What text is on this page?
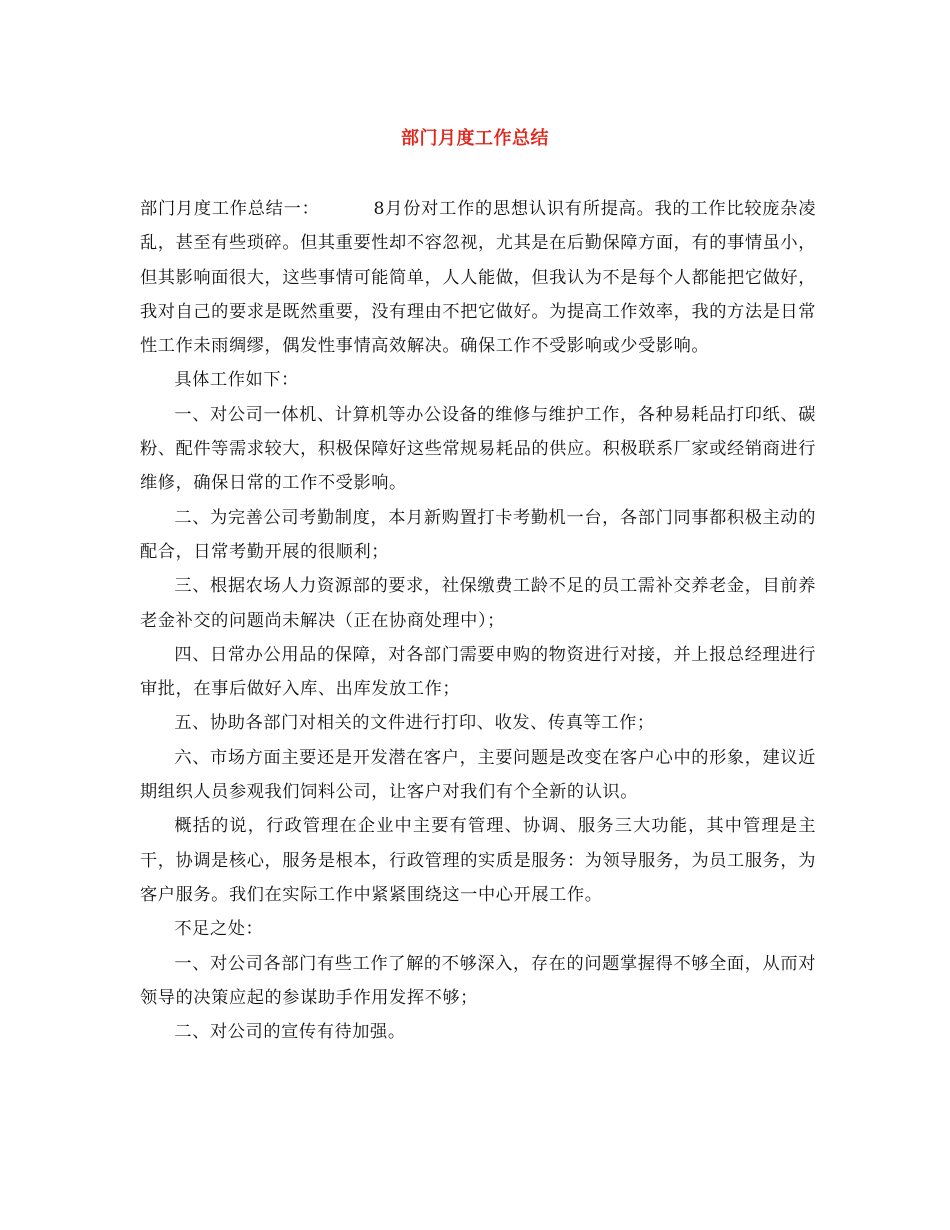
部门月度工作总结

部门月度工作总结一：	8月份对工作的思想认识有所提高。我的工作比较庞杂凌乱，甚至有些琐碎。但其重要性却不容忽视，尤其是在后勤保障方面，有的事情虽小，但其影响面很大，这些事情可能简单，人人能做，但我认为不是每个人都能把它做好，我对自己的要求是既然重要，没有理由不把它做好。为提高工作效率，我的方法是日常性工作未雨绸缪，偶发性事情高效解决。确保工作不受影响或少受影响。

具体工作如下：

一、对公司一体机、计算机等办公设备的维修与维护工作，各种易耗品打印纸、碳粉、配件等需求较大，积极保障好这些常规易耗品的供应。积极联系厂家或经销商进行维修，确保日常的工作不受影响。

二、为完善公司考勤制度，本月新购置打卡考勤机一台，各部门同事都积极主动的配合，日常考勤开展的很顺利；

三、根据农场人力资源部的要求，社保缴费工龄不足的员工需补交养老金，目前养老金补交的问题尚未解决（正在协商处理中）；

四、日常办公用品的保障，对各部门需要申购的物资进行对接，并上报总经理进行审批，在事后做好入库、出库发放工作；

五、协助各部门对相关的文件进行打印、收发、传真等工作；

六、市场方面主要还是开发潜在客户，主要问题是改变在客户心中的形象，建议近期组织人员参观我们饲料公司，让客户对我们有个全新的认识。

概括的说，行政管理在企业中主要有管理、协调、服务三大功能，其中管理是主干，协调是核心，服务是根本，行政管理的实质是服务：为领导服务，为员工服务，为客户服务。我们在实际工作中紧紧围绕这一中心开展工作。

不足之处：

一、对公司各部门有些工作了解的不够深入，存在的问题掌握得不够全面，从而对领导的决策应起的参谋助手作用发挥不够；

二、对公司的宣传有待加强。
